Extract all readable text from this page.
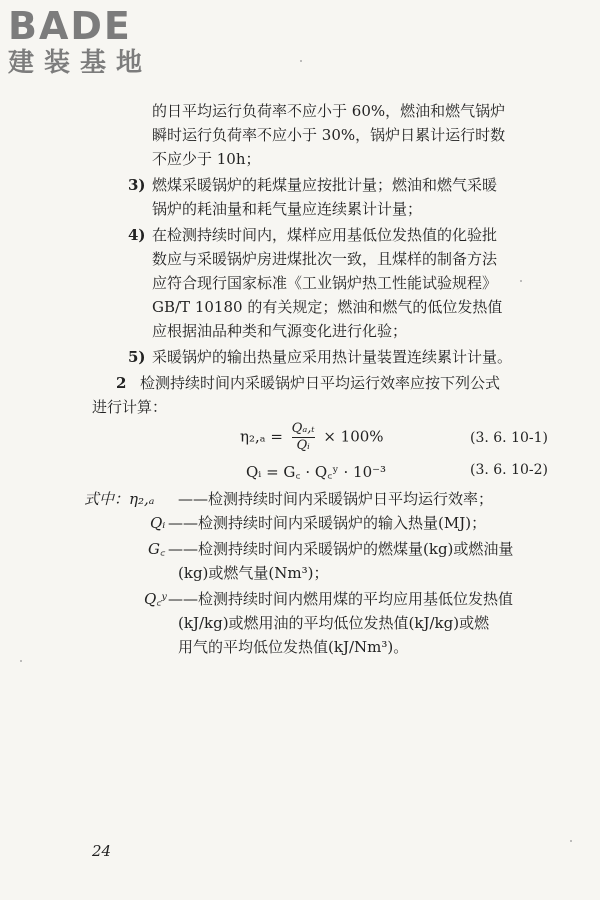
BADE
建装基地
的日平均运行负荷率不应小于 60%，燃油和燃气锅炉
瞬时运行负荷率不应小于 30%，锅炉日累计运行时数
不应少于 10h；
3) 燃煤采暖锅炉的耗煤量应按批计量；燃油和燃气采暖
锅炉的耗油量和耗气量应连续累计计量；
4) 在检测持续时间内，煤样应用基低位发热值的化验批
数应与采暖锅炉房进煤批次一致，且煤样的制备方法
应符合现行国家标准《工业锅炉热工性能试验规程》
GB/T 10180 的有关规定；燃油和燃气的低位发热值
应根据油品种类和气源变化进行化验；
5) 采暖锅炉的输出热量应采用热计量装置连续累计计量。
2 检测持续时间内采暖锅炉日平均运行效率应按下列公式
进行计算：
$\eta_2,_a = \frac{\text{Qₐ,ₜ}}{\text{Qᵢ}} \times 100\%$	(3. 6. 10-1)
Qᵢ = G꜀ · Q꜀ʸ · 10⁻³	(3. 6. 10-2)
式中：η₂,ₐ ——检测持续时间内采暖锅炉日平均运行效率；
Qᵢ ——检测持续时间内采暖锅炉的输入热量(MJ)；
G꜀ ——检测持续时间内采暖锅炉的燃煤量(kg)或燃油量
(kg)或燃气量(Nm³)；
Q꜀ʸ ——检测持续时间内燃用煤的平均应用基低位发热值
(kJ/kg)或燃用油的平均低位发热值(kJ/kg)或燃
用气的平均低位发热值(kJ/Nm³)。
24
